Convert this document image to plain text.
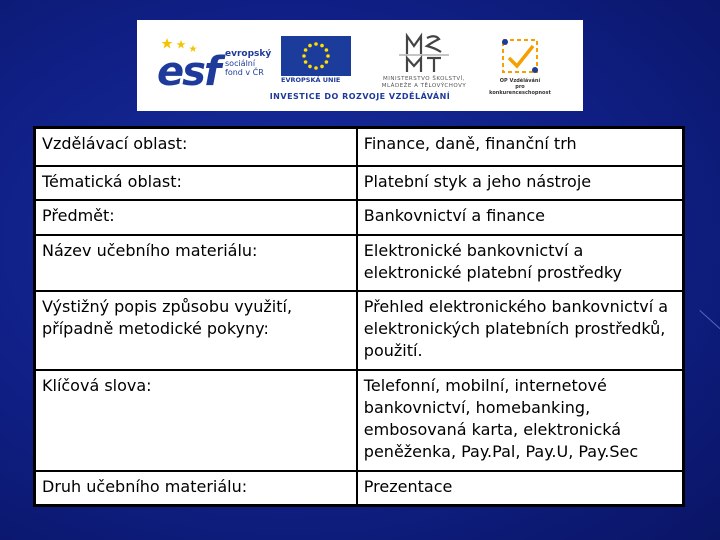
esf evropský
sociální
fond v ČR
EVROPSKÁ UNIE	MINISTERSTVO ŠKOLSTVÍ,
MLÁDEŽE A TĚLOVÝCHOVY
OP Vzdělávání
pro konkurenceschopnost
INVESTICE DO ROZVOJE VZDĚLÁVÁNÍ
Vzdělávací oblast:	Finance, daně, finanční trh
Tématická oblast:	Platební styk a jeho nástroje
Předmět:	Bankovnictví a finance
Název učebního materiálu:	Elektronické bankovnictví a elektronické platební prostředky
Výstižný popis způsobu využití, případně metodické pokyny:	Přehled elektronického bankovnictví a elektronických platebních prostředků, použití.
Klíčová slova:	Telefonní, mobilní, internetové bankovnictví, homebanking, embosovaná karta, elektronická peněženka, Pay.Pal, Pay.U, Pay.Sec
Druh učebního materiálu:	Prezentace
